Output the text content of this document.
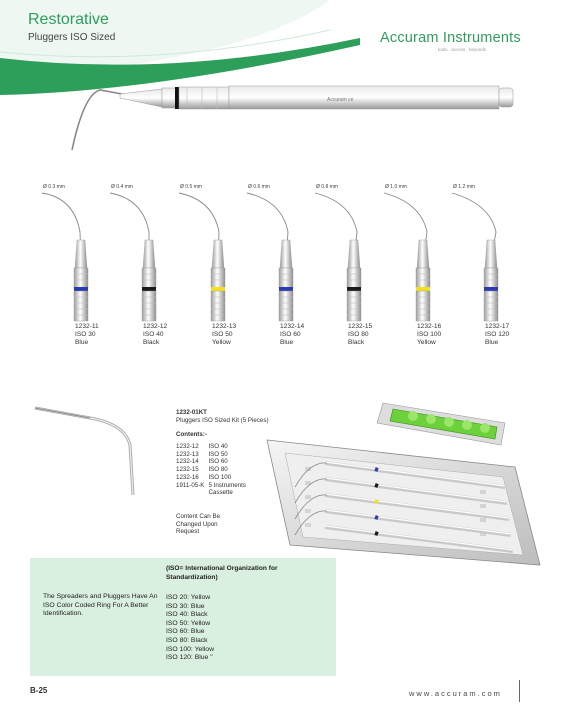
Restorative
Pluggers ISO Sized	Accuram Instruments
tools . access . beyonds
Accuram ce
Ø 0.3 mm	Ø 0.4 mm	Ø 0.5 mm	Ø 0.6 mm	Ø 0.8 mm	Ø 1.0 mm	Ø 1.2 mm
1232-11
ISO 30
Blue
1232-12
ISO 40
Black
1232-13
ISO 50
Yellow
1232-14
ISO 60
Blue
1232-15
ISO 80
Black
1232-16
ISO 100
Yellow
1232-17
ISO 120
Blue
1232-01KT
Pluggers ISO Sized Kit (5 Pieces)
Contents:-
1232-12	ISO 40
1232-13	ISO 50
1232-14	ISO 60
1232-15	ISO 80
1232-16	ISO 100
1911-05-K	5 Instruments Cassette
Content Can Be
Changed Upon
Request
(ISO= International Organization for Standardization)
The Spreaders and Pluggers Have An ISO Color Coded Ring For A Better Identification.
ISO 20: Yellow
ISO 30: Blue
ISO 40: Black
ISO 50: Yellow
ISO 60: Blue
ISO 80: Black
ISO 100: Yellow
ISO 120: Blue "
B-25	www.accuram.com
